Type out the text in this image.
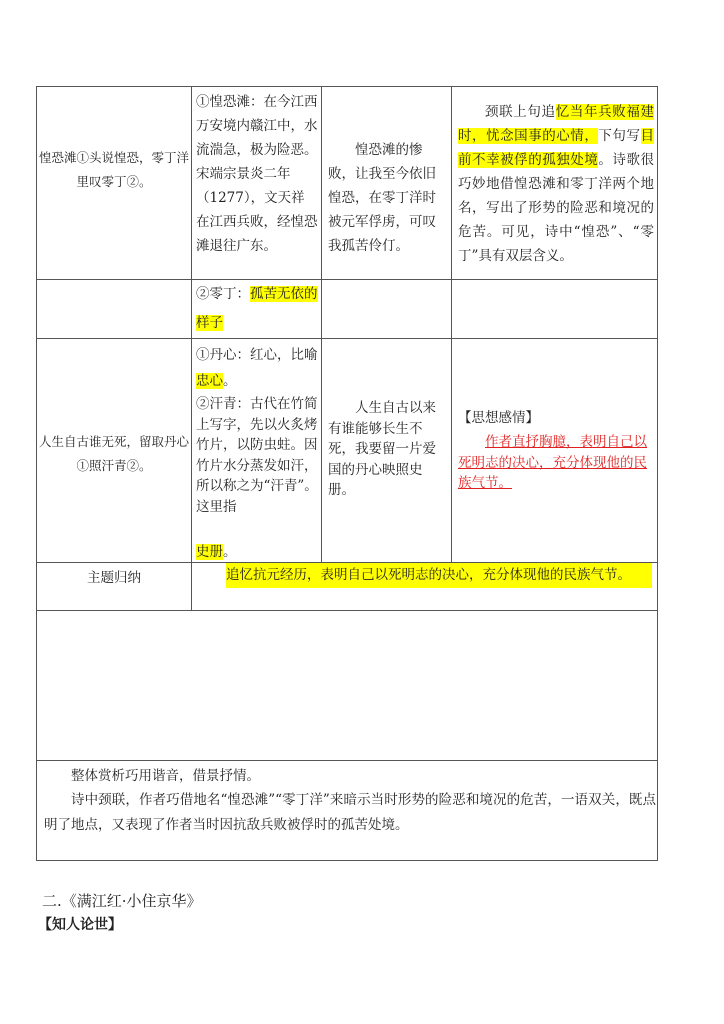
惶恐滩①头说惶恐，零丁洋里叹零丁②。
①惶恐滩：在今江西万安境内赣江中，水流湍急，极为险恶。宋端宗景炎二年（1277），文天祥在江西兵败，经惶恐滩退往广东。
惶恐滩的惨败，让我至今依旧惶恐，在零丁洋时被元军俘虏，可叹我孤苦伶仃。
颈联上句追忆当年兵败福建时，忧念国事的心情，下句写目前不幸被俘的孤独处境。诗歌很巧妙地借惶恐滩和零丁洋两个地名，写出了形势的险恶和境况的危苦。可见，诗中“惶恐”、“零丁”具有双层含义。
②零丁：孤苦无依的样子
人生自古谁无死，留取丹心①照汗青②。
①丹心：红心，比喻忠心。
②汗青：古代在竹简上写字，先以火炙烤竹片，以防虫蛀。因竹片水分蒸发如汗，所以称之为“汗青”。这里指

史册。
人生自古以来有谁能够长生不死，我要留一片爱国的丹心映照史册。
【思想感情】
作者直抒胸臆，表明自己以死明志的决心，充分体现他的民族气节。
主题归纳	追忆抗元经历，表明自己以死明志的决心，充分体现他的民族气节。
整体赏析巧用谐音，借景抒情。
诗中颈联，作者巧借地名“惶恐滩”“零丁洋”来暗示当时形势的险恶和境况的危苦，一语双关，既点明了地点，又表现了作者当时因抗敌兵败被俘时的孤苦处境。
二.《满江红·小住京华》
【知人论世】
